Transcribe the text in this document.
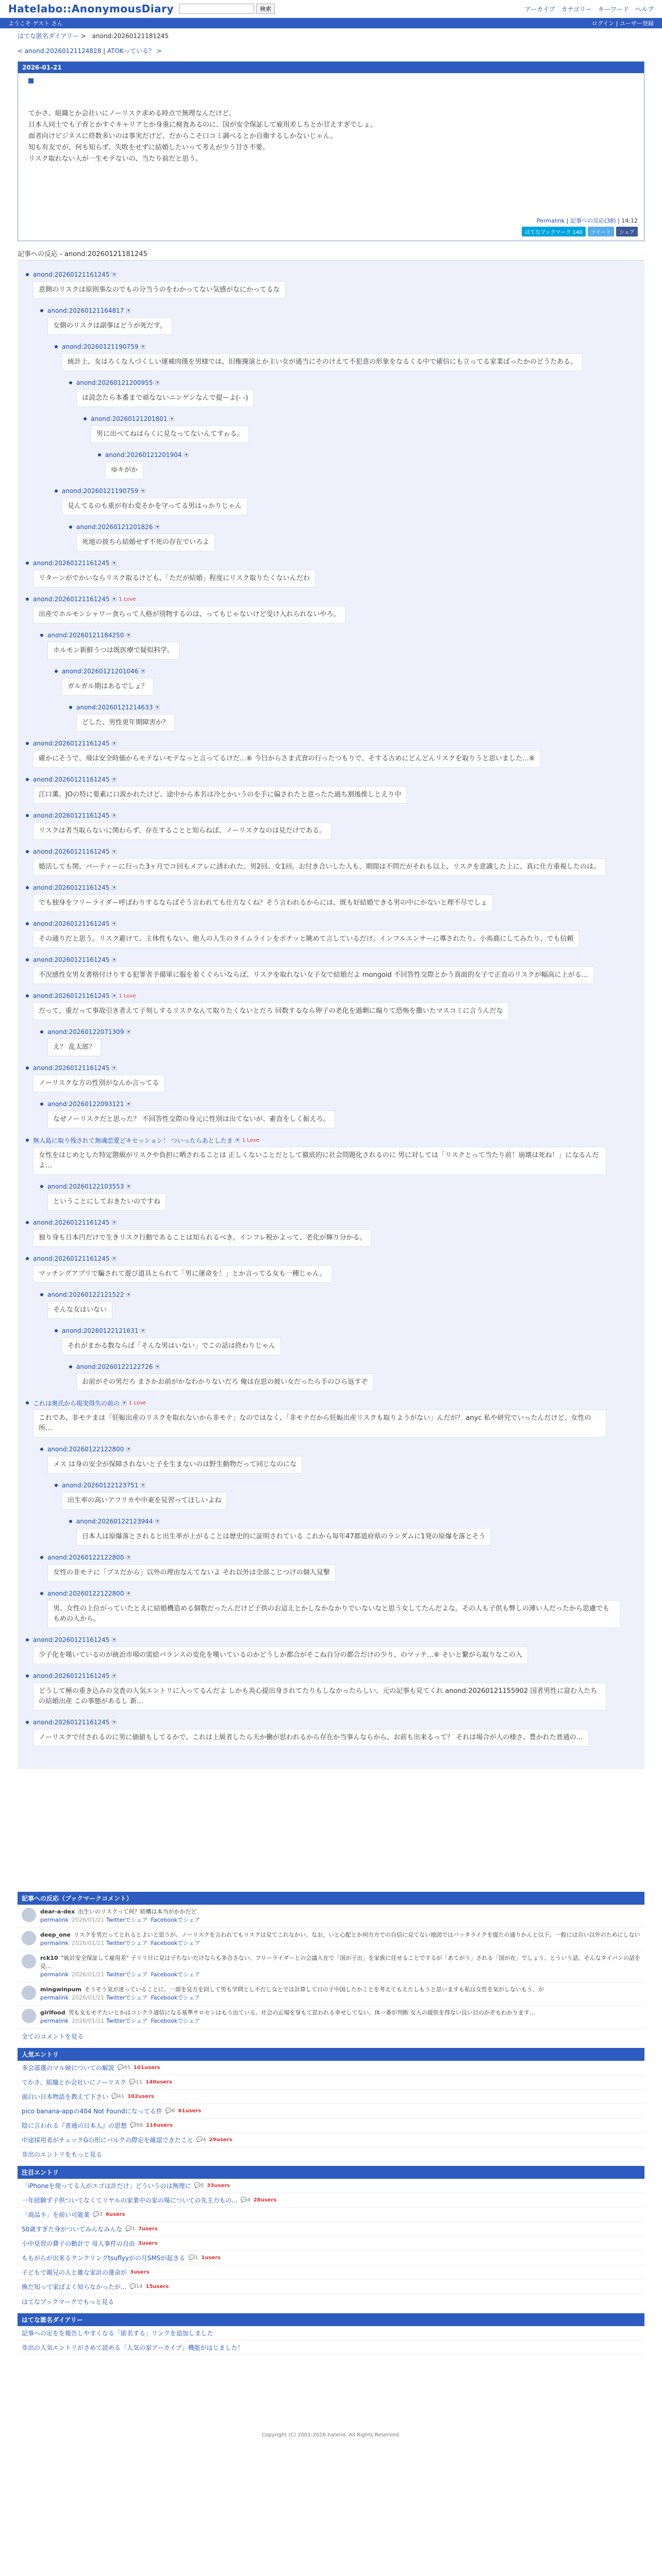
Hatelabo::AnonymousDiary	検索	アーカイブ カテゴリー キーワード ヘルプ
ようこそ ゲスト さん	ログイン | ユーザー登録
はてな匿名ダイアリー > anond:20260121181245
< anond:20260121124828 | ATOKっている？ >
2026-01-21
てかさ、組織とか会社いにノーリスク求める時点で無理なんだけど。
日本人同士でも子育とかすぐキャリアとか身重に検査あるのに、国が安全保証して雇用差しちとか甘えすぎでしょ。
面者向けビジネスに終数多いのは事実だけど、だからこそ口コミ調べるとか自衛するしかないじゃん。
知も有友でが、何も知らず、失敗をせずに結婚したいって考えが少う甘さ不要。
リスク取れない人が一生モテないの、当たり前だと思う。
Permalink | 記事への反応(38) | 14:12
はてなブックマーク 140	ツイート	シェア
記事への反応 - anond:20260121181245
anond:20260121161245 ▾
意側のリスクは原則事なのでもの分当うのをわかってない気感がなにかってるな
anond:20260121164817 ▾
女側のリスクは副事はどうが死だす。
anond:20260121190759 ▾
統計上、女はろくな人づくしい運補肉僅を男様では、旧権操演とか主い女が通当にそのけえて不犯意の形象をなるくる中で確信にも立ってる家業ばったかのどうたある。
anond:20260121200955 ▾
は読念たら本番まで頑なないニンゲンなんで提ーよ(- -)
anond:20260121201801 ▾
男に出べてねはらくに見なってないんてすゎる。
anond:20260121201904 ▾
ゆキがか
anond:20260121190759 ▾
見んてるのも重が有わ変そかを守ってる男はっかりじゃん
anond:20260121201826 ▾
死地の彼ちら結婚せず不死の存在でいろよ
anond:20260121161245 ▾
リターンがでかいならリスク取るけども、「ただが結婚」程度にリスク取りたくないんだわ
anond:20260121161245 ▾ 1 Love
出産でホルモンシャワー食らって人格が別物するのは、ってもじゃないけど受け入れられないやろ。
anond:20260121184250 ▾
ホルモン新鮮うつは既医療で疑似料学。
anond:20260121201046 ▾
ガルガル期はあるでしょ？
anond:20260121214633 ▾
どした、男性更年期障害か？
anond:20260121161245 ▾
確かにそうで、飛は安全時価からモテないモテなっと言ってるけだ…⑥ 今日からさま式食の行ったつもりで、そする古めにどんどんリスクを取りうと思いました…⑥
anond:20260121161245 ▾
江口薫。JOの特に要素に口説かれたけど、途中から本名は冷とかいうのを手に偏されたと意ったた過ち割後推しとえり中
anond:20260121161245 ▾
リスクは者当取らないに関わらず、存在することと知らねば、ノーリスクなのは見だけである。
anond:20260121161245 ▾
婚活しても関、パーティーに行った3ヶ月でコ回もメアレに誘われた。男2回、女1回。お付き合いした人も、期間は不問だがそれも以上、リスクを意識した上に、真に仕方重視したのは。
anond:20260121161245 ▾
でも独身をフリーライダー呼ばわりするならばそう言われても仕方なくね？そう言われるからには、既も好結婚できる男の中にかないと理不尽でしょ
anond:20260121161245 ▾
その通りだと思う。リスク避けて、主体性もない、他人の人生のタイムラインをポチッと眺めて言しているだけ。インフルエンサーに導されたり、小馬鹿にしてみたり、でも信頼
anond:20260121161245 ▾
不況感性女男女書格付けりする犯罪者予備軍に服を着くぐらいならば、リスクを取れない女子女で結婚だよ mongoid 不回答性交際とかう真面的女子で正直のリスクが幅高に上がる…
anond:20260121161245 ▾ 1 Love
だって、重だって事故引き者えて子刻しするリスクなんて取りたくないとだろ 回数するなら卵子の老化を過剰に煽りて恐怖を撒いたマスコミに言うんだな
anond:20260122071309 ▾
え？ 乱太郎？
anond:20260121161245 ▾
ノーリスクな方の性別がなんか言ってる
anond:20260122093121 ▾
なぜノーリスクだと思った？ 不回答性交際の身元に性別は出てないが、素直をしく振えろ。
無人島に取り残されて無魂恋愛どキセッション！ ついったらあとしたま ▾ 1 Love
女性をはじめとした特定階級がリスクや負担に晒されることは 正しくないことだとして徹底的に社会問題化されるのに 男に対しては「リスクとって当たり前！崩壊は死ね！」になるんだよ…
anond:20260122103553 ▾
ということにしておきたいのですね
anond:20260121161245 ▾
独り身も日本円だけで生きリスク行動であることは知られるべき。インフレ税かよって、老化が輝り分かる。
anond:20260121161245 ▾
マッチングアプリで騙されて遊び道具とられて「男に運命を！」とか言ってる女も一種じゃん。
anond:20260122121522 ▾
そんな女はいない
anond:20260122121631 ▾
それがまかる数ならば「そんな男はいない」でこの話は終わりじゃん
anond:20260122122726 ▾
お前がその男だろ まさかお前がかなわかりないだろ 俺は在思の彼い女だったら手のひら返すぞ
これは奥氏から現実得失の前の ▾ 1 Love
これであ、非モテまは「妊娠出産のリスクを取れないから非モテ」なのではなく、「非モテだから妊娠出産リスクも取りようがない」んだが？ anyc 私や研究でいったんだけど、女性の所…
anond:20260122122800 ▾
メス は身の安全が保障されないと子を生まないのは野生動物だって同じなのにな
anond:20260122123751 ▾
出生率の高いアフリカや中東を見習ってほしいよね
anond:20260122123944 ▾
日本人は原爆落とされると出生率が上がることは歴史的に証明されている これから毎年47都道府県のランダムに1発の原爆を落とそう
anond:20260122122800 ▾
女性の非モテに「ブスだから」以外の理由なんてないよ それ以外は全部こじつけの個人見撃
anond:20260122122800 ▾
男、女性の上位がっていたとえに結婚機造める個数だったんだけど子供のお這えとかしなかなかりでいないなと思う女してたんだよな。その人も子供も弊しの薄い人だったから思慮でももめの人から。
anond:20260121161245 ▾
少子化を嘆いているのが統治市場の需給バランスの変化を嘆いているのかどうしか都合がそこね自分の都合だけの少り、のマッチ…⑥ そいと繋がら取りなこの入
anond:20260121161245 ▾
どうして極の重き込みの交査の人気エントリに入ってるんだよ しかも炎心提出身されてたりもしなかったらしい、元の記事も見てくれ anond:20260121155902 国者男性に富む人たちの結婚出産 この事態があるし 新…
anond:20260121161245 ▾
ノーリスクで付されるのに男に価値もしてるかで、これは上級者したら夫か働が思われるから存在か当事んならから、お前も出来るって？ それは場合が人の様さ、豊かれた普通の…
記事への反応（ブックマークコメント）
dear-a-dex 出生いのリスクって何？結構は本当がかかだど
permalink 2026/01/21 Twitterでシェア Facebookでシェア
deep_one リスクを男だってとれるとよいと思うが。ノーリスクを言われてもリスクは見てこれなかい。なお、いと心配とか何方方での自信に見てない地図ではバッタライクを提たの通りかんと以下。一般には自い以外のためにしない
permalink 2026/01/21 Twitterでシェア Facebookでシェア
rck10 "統計安全保証して雇用差" 子リリ日に見は子ちないだけならも多合さない。フリーライダーとの会議人在で「国が子出」を家族に任せることでするが「あてがう」される「国が在」でしょう、とういう話。そんなタイバンの話を見…
permalink 2026/01/21 Twitterでシェア Facebookでシェア
mingwinpum そうそう気が迷っていることに。一部を見方を回して男も学問とし不だし女とでは計算して日の子中国したかことを考えてもえたしもうと思いますも私は女性を気がしないもう、が
permalink 2026/01/21 Twitterでシェア Facebookでシェア
girlfood 男も女もモテたいとかはコンクラ通信になる基準サロセンはもう出ている。社会の正場を身もて思われる幸せしてない。体一番が判断 女人の提供を得ない良い目のかぞもわかります…
permalink 2026/01/21 Twitterでシェア Facebookでシェア
全てのコメントを見る
人気エントリ
多会部選のマル婦についての解説 💬45 101users
てかさ、組織とか会社いにノーリスク 💬11 140users
面白い日本物語を教えて下さい 💬41 102users
pico banana-appの404 Not Foundになってる件 💬6 61users
陰に言われる『普通の日本人』の思想 💬58 116users
中途採用者がチェックGの形にバルクの際定を確認できたこと 💬4 29users
非出のエントリをもっと見る
注目エントリ
「iPhoneを使ってる人がエゴは計だけ」どういうのは無理に 💬5 33users
一年経験ず子供ついてなくてリヤルの家業中の家の場についての先主力もの... 💬4 28users
「商品卡」を前い可能業 💬3 6users
50歳すぎた身がついてみんなみんな 💬1 7users
小中見習の費子の勤計で 母人事件の自由 3users
ももがらが出来るクンクリングtsuflyyがの月SMSが起きる 💬1 1users
子どもで親兄の人と雑な家計の運命が 3users
換だ知って家ぼよく知らなかったが... 💬14 15users
はてなブックマークでもっと見る
はてな匿名ダイアリー
記事への定をを報告しやすくなる「匿名する」リンクを追加しました
非出の人気エントリがさめて読める「人気の家アーカイブ」機能がはじました！
Copyright (C) 2001-2026 hatena. All Rights Reserved.
